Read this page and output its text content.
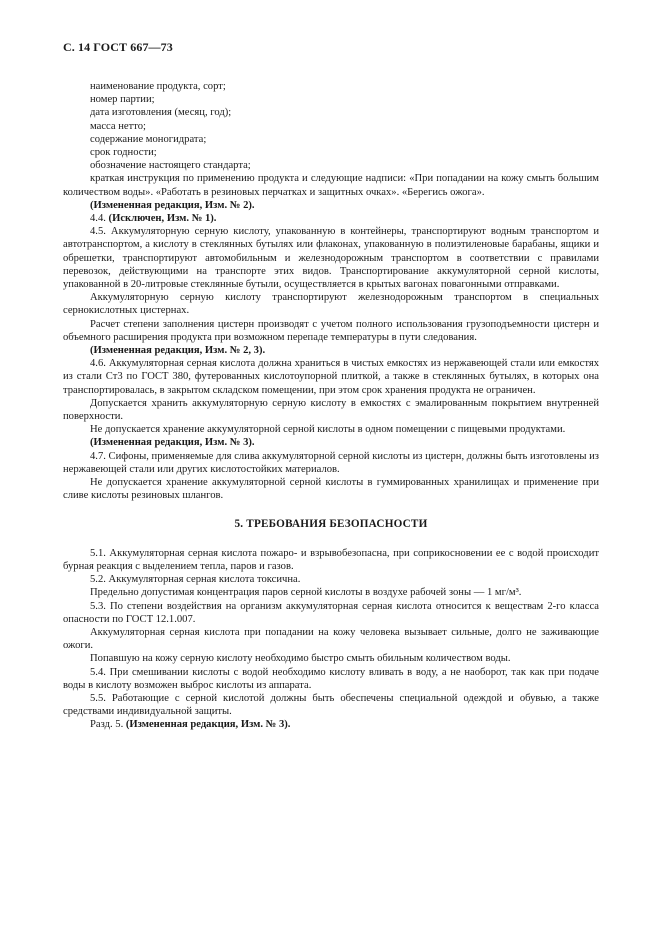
С. 14 ГОСТ 667—73

наименование продукта, сорт;

номер партии;

дата изготовления (месяц, год);

масса нетто;

содержание моногидрата;

срок годности;

обозначение настоящего стандарта;

краткая инструкция по применению продукта и следующие надписи: «При попадании на кожу смыть большим количеством воды». «Работать в резиновых перчатках и защитных очках». «Берегись ожога».

(Измененная редакция, Изм. № 2).

4.4. (Исключен, Изм. № 1).

4.5. Аккумуляторную серную кислоту, упакованную в контейнеры, транспортируют водным транспортом и автотранспортом, а кислоту в стеклянных бутылях или флаконах, упакованную в полиэтиленовые барабаны, ящики и обрешетки, транспортируют автомобильным и железнодорожным транспортом в соответствии с правилами перевозок, действующими на транспорте этих видов. Транспортирование аккумуляторной серной кислоты, упакованной в 20-литровые стеклянные бутыли, осуществляется в крытых вагонах повагонными отправками.

Аккумуляторную серную кислоту транспортируют железнодорожным транспортом в специальных сернокислотных цистернах.

Расчет степени заполнения цистерн производят с учетом полного использования грузоподъемности цистерн и объемного расширения продукта при возможном перепаде температуры в пути следования.

(Измененная редакция, Изм. № 2, 3).

4.6. Аккумуляторная серная кислота должна храниться в чистых емкостях из нержавеющей стали или емкостях из стали Ст3 по ГОСТ 380, футерованных кислотоупорной плиткой, а также в стеклянных бутылях, в которых она транспортировалась, в закрытом складском помещении, при этом срок хранения продукта не ограничен.

Допускается хранить аккумуляторную серную кислоту в емкостях с эмалированным покрытием внутренней поверхности.

Не допускается хранение аккумуляторной серной кислоты в одном помещении с пищевыми продуктами.

(Измененная редакция, Изм. № 3).

4.7. Сифоны, применяемые для слива аккумуляторной серной кислоты из цистерн, должны быть изготовлены из нержавеющей стали или других кислотостойких материалов.

Не допускается хранение аккумуляторной серной кислоты в гуммированных хранилищах и применение при сливе кислоты резиновых шлангов.

5. ТРЕБОВАНИЯ БЕЗОПАСНОСТИ

5.1. Аккумуляторная серная кислота пожаро- и взрывобезопасна, при соприкосновении ее с водой происходит бурная реакция с выделением тепла, паров и газов.

5.2. Аккумуляторная серная кислота токсична.

Предельно допустимая концентрация паров серной кислоты в воздухе рабочей зоны — 1 мг/м³.

5.3. По степени воздействия на организм аккумуляторная серная кислота относится к веществам 2-го класса опасности по ГОСТ 12.1.007.

Аккумуляторная серная кислота при попадании на кожу человека вызывает сильные, долго не заживающие ожоги.

Попавшую на кожу серную кислоту необходимо быстро смыть обильным количеством воды.

5.4. При смешивании кислоты с водой необходимо кислоту вливать в воду, а не наоборот, так как при подаче воды в кислоту возможен выброс кислоты из аппарата.

5.5. Работающие с серной кислотой должны быть обеспечены специальной одеждой и обувью, а также средствами индивидуальной защиты.

Разд. 5. (Измененная редакция, Изм. № 3).
